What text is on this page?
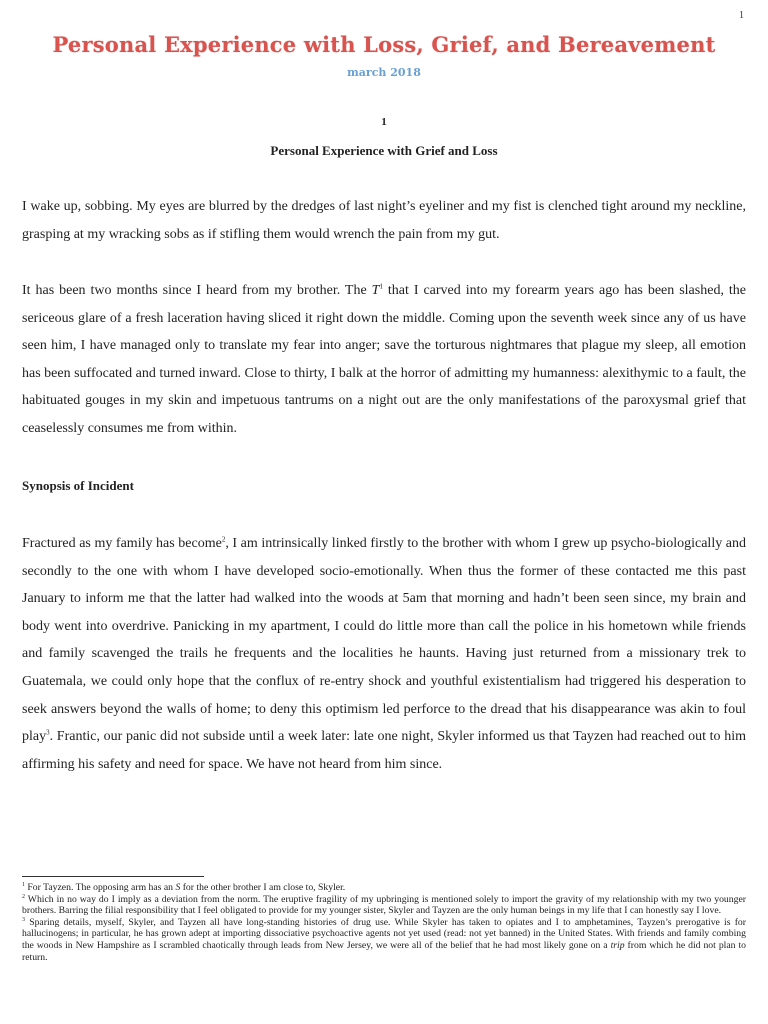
1
Personal Experience with Loss, Grief, and Bereavement
march 2018
1
Personal Experience with Grief and Loss

I wake up, sobbing. My eyes are blurred by the dredges of last night’s eyeliner and my fist is clenched tight around my neckline, grasping at my wracking sobs as if stifling them would wrench the pain from my gut.

It has been two months since I heard from my brother. The $T^1$ that I carved into my forearm years ago has been slashed, the sericeous glare of a fresh laceration having sliced it right down the middle. Coming upon the seventh week since any of us have seen him, I have managed only to translate my fear into anger; save the torturous nightmares that plague my sleep, all emotion has been suffocated and turned inward. Close to thirty, I balk at the horror of admitting my humanness: alexithymic to a fault, the habituated gouges in my skin and impetuous tantrums on a night out are the only manifestations of the paroxysmal grief that ceaselessly consumes me from within.

Synopsis of Incident

Fractured as my family has become$^2$, I am intrinsically linked firstly to the brother with whom I grew up psycho-biologically and secondly to the one with whom I have developed socio-emotionally. When thus the former of these contacted me this past January to inform me that the latter had walked into the woods at 5am that morning and hadn’t been seen since, my brain and body went into overdrive. Panicking in my apartment, I could do little more than call the police in his hometown while friends and family scavenged the trails he frequents and the localities he haunts. Having just returned from a missionary trek to Guatemala, we could only hope that the conflux of re-entry shock and youthful existentialism had triggered his desperation to seek answers beyond the walls of home; to deny this optimism led perforce to the dread that his disappearance was akin to foul play$^3$. Frantic, our panic did not subside until a week later: late one night, Skyler informed us that Tayzen had reached out to him affirming his safety and need for space. We have not heard from him since.

$^1$ For Tayzen. The opposing arm has an S for the other brother I am close to, Skyler.

$^2$ Which in no way do I imply as a deviation from the norm. The eruptive fragility of my upbringing is mentioned solely to import the gravity of my relationship with my two younger brothers. Barring the filial responsibility that I feel obligated to provide for my younger sister, Skyler and Tayzen are the only human beings in my life that I can honestly say I love.

$^3$ Sparing details, myself, Skyler, and Tayzen all have long-standing histories of drug use. While Skyler has taken to opiates and I to amphetamines, Tayzen’s prerogative is for hallucinogens; in particular, he has grown adept at importing dissociative psychoactive agents not yet used (read: not yet banned) in the United States. With friends and family combing the woods in New Hampshire as I scrambled chaotically through leads from New Jersey, we were all of the belief that he had most likely gone on a trip from which he did not plan to return.
